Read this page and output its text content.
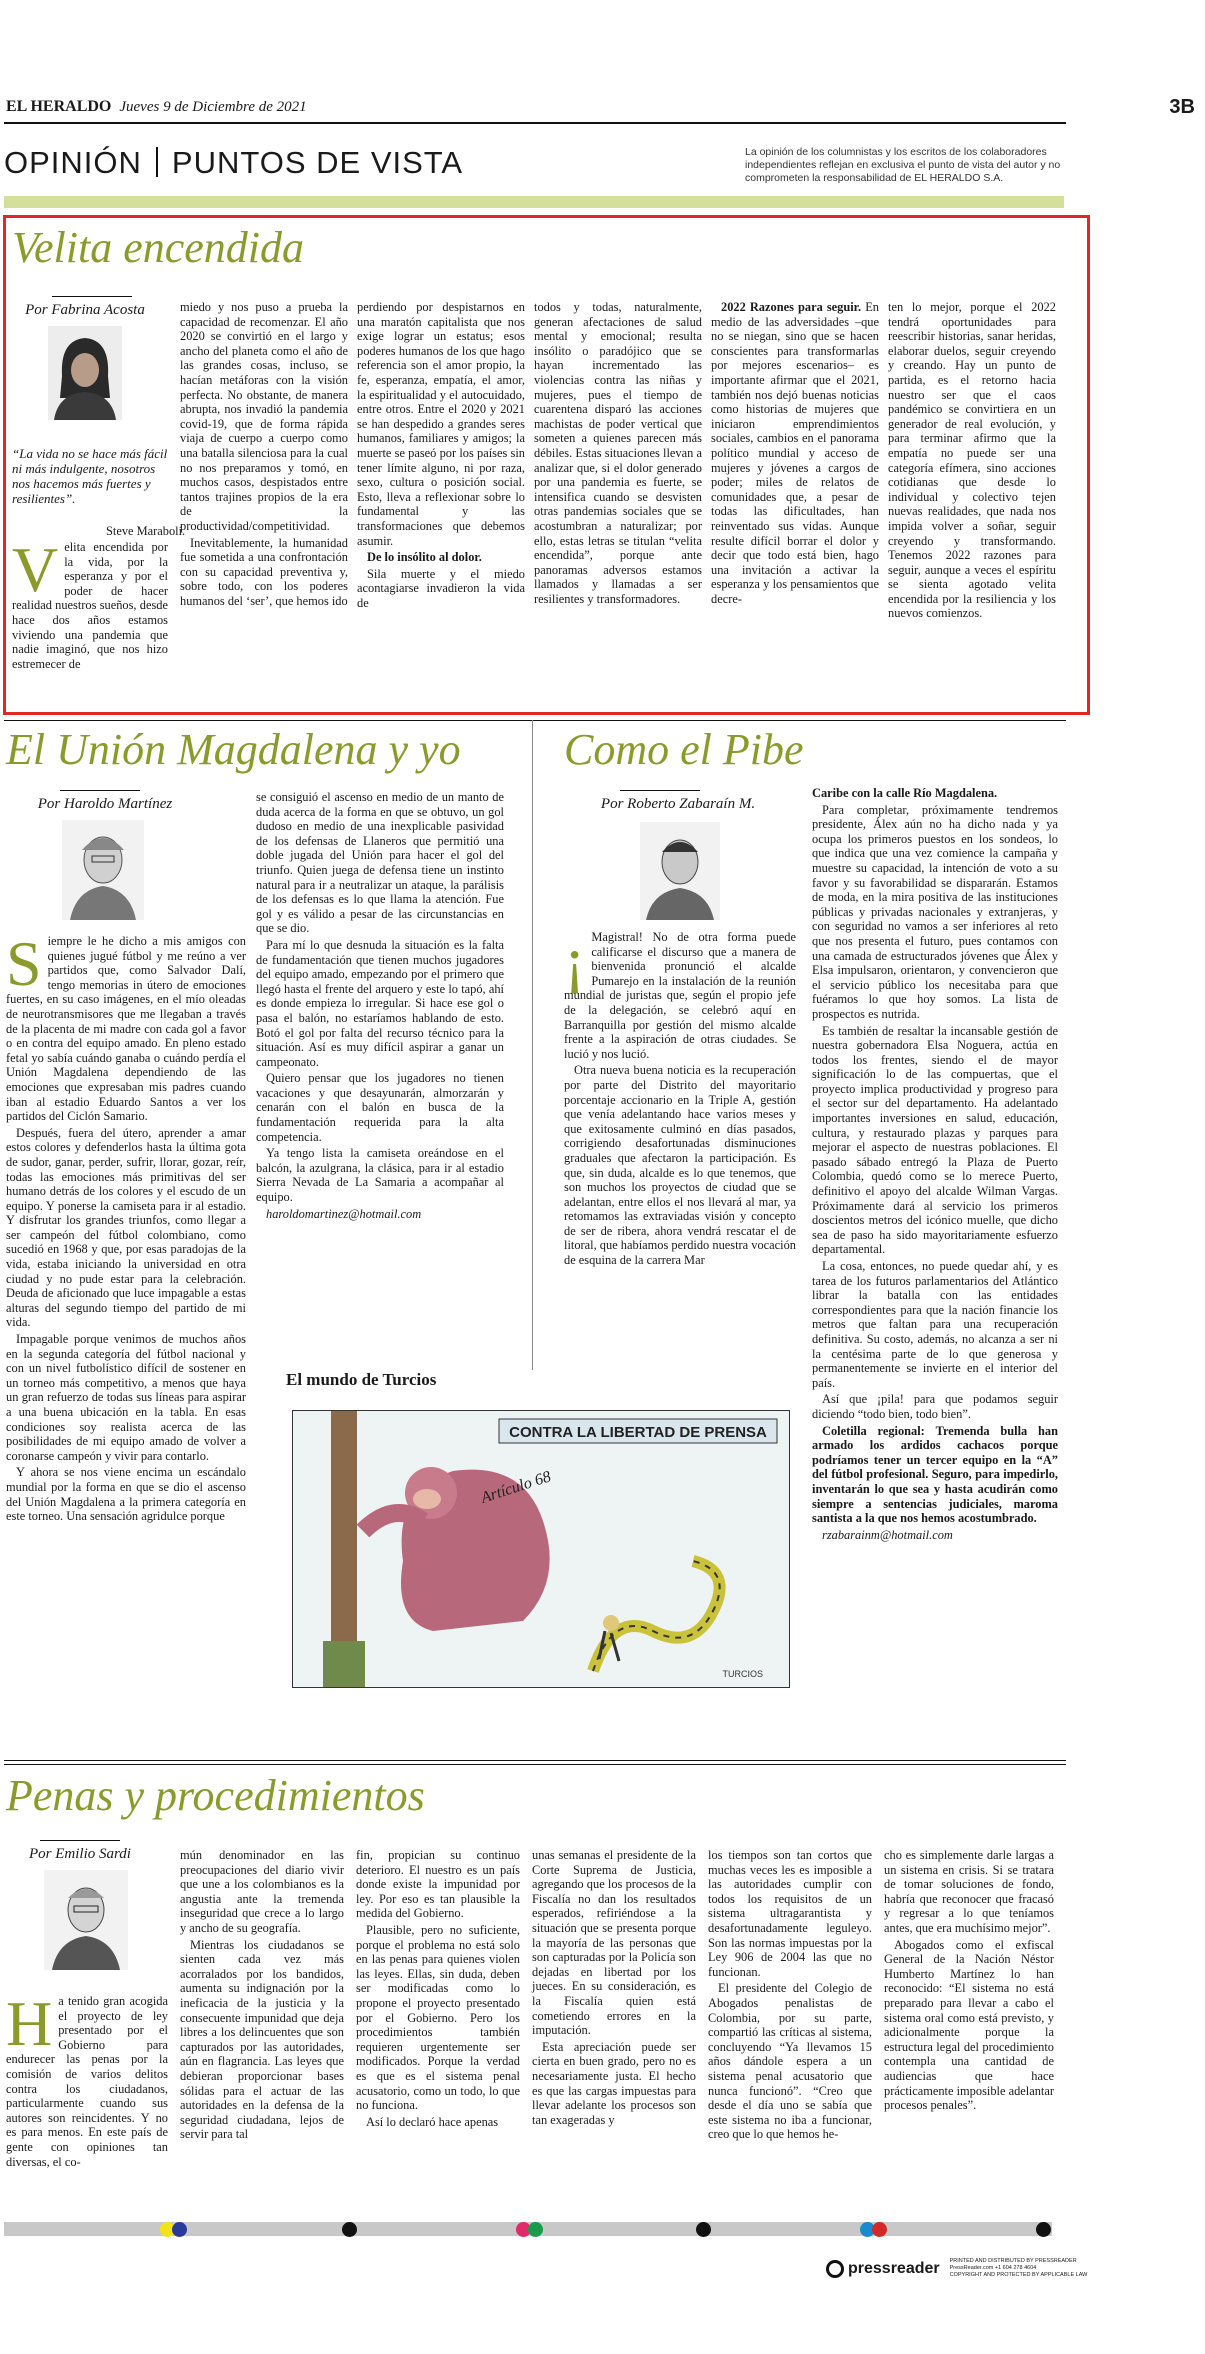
EL HERALDO Jueves 9 de Diciembre de 2021	3B
OPINIÓN PUNTOS DE VISTA	La opinión de los columnistas y los escritos de los colaboradores independientes reflejan en exclusiva el punto de vista del autor y no comprometen la responsabilidad de EL HERALDO S.A.
Velita encendida
Por Fabrina Acosta
“La vida no se hace más fácil ni más indulgente, nosotros nos hacemos más fuertes y resilientes”.
Steve Maraboli.
Velita encendida por la vida, por la esperanza y por el poder de hacer realidad nuestros sueños, desde hace dos años estamos viviendo una pandemia que nadie imaginó, que nos hizo estremecer de

miedo y nos puso a prueba la capacidad de recomenzar. El año 2020 se convirtió en el largo y ancho del planeta como el año de las grandes cosas, incluso, se hacían metáforas con la visión perfecta. No obstante, de manera abrupta, nos invadió la pandemia covid-19, que de forma rápida viaja de cuerpo a cuerpo como una batalla silenciosa para la cual no nos preparamos y tomó, en muchos casos, despistados entre tantos trajines propios de la era de la productividad/competitividad.

Inevitablemente, la humanidad fue sometida a una confrontación con su capacidad preventiva y, sobre todo, con los poderes humanos del ‘ser’, que hemos ido

perdiendo por despistarnos en una maratón capitalista que nos exige lograr un estatus; esos poderes humanos de los que hago referencia son el amor propio, la fe, esperanza, empatía, el amor, la espiritualidad y el autocuidado, entre otros. Entre el 2020 y 2021 se han despedido a grandes seres humanos, familiares y amigos; la muerte se paseó por los países sin tener límite alguno, ni por raza, sexo, cultura o posición social. Esto, lleva a reflexionar sobre lo fundamental y las transformaciones que debemos asumir.

De lo insólito al dolor.

Sila muerte y el miedo acontagiarse invadieron la vida de

todos y todas, naturalmente, generan afectaciones de salud mental y emocional; resulta insólito o paradójico que se hayan incrementado las violencias contra las niñas y mujeres, pues el tiempo de cuarentena disparó las acciones machistas de poder vertical que someten a quienes parecen más débiles. Estas situaciones llevan a analizar que, si el dolor generado por una pandemia es fuerte, se intensifica cuando se desvisten otras pandemias sociales que se acostumbran a naturalizar; por ello, estas letras se titulan “velita encendida”, porque ante panoramas adversos estamos llamados y llamadas a ser resilientes y transformadores.

2022 Razones para seguir. En medio de las adversidades –que no se niegan, sino que se hacen conscientes para transformarlas por mejores escenarios– es importante afirmar que el 2021, también nos dejó buenas noticias como historias de mujeres que iniciaron emprendimientos sociales, cambios en el panorama político mundial y acceso de mujeres y jóvenes a cargos de poder; miles de relatos de comunidades que, a pesar de todas las dificultades, han reinventado sus vidas. Aunque resulte difícil borrar el dolor y decir que todo está bien, hago una invitación a activar la esperanza y los pensamientos que decre-

ten lo mejor, porque el 2022 tendrá oportunidades para reescribir historias, sanar heridas, elaborar duelos, seguir creyendo y creando. Hay un punto de partida, es el retorno hacia nuestro ser que el caos pandémico se convirtiera en un generador de real evolución, y para terminar afirmo que la empatía no puede ser una categoría efímera, sino acciones cotidianas que desde lo individual y colectivo tejen nuevas realidades, que nada nos impida volver a soñar, seguir creyendo y transformando. Tenemos 2022 razones para seguir, aunque a veces el espíritu se sienta agotado velita encendida por la resiliencia y los nuevos comienzos.

El Unión Magdalena y yo
Por Haroldo Martínez

Siempre le he dicho a mis amigos con quienes jugué fútbol y me reúno a ver partidos que, como Salvador Dalí, tengo memorias in útero de emociones fuertes, en su caso imágenes, en el mío oleadas de neurotransmisores que me llegaban a través de la placenta de mi madre con cada gol a favor o en contra del equipo amado. En pleno estado fetal yo sabía cuándo ganaba o cuándo perdía el Unión Magdalena dependiendo de las emociones que expresaban mis padres cuando iban al estadio Eduardo Santos a ver los partidos del Ciclón Samario.

Después, fuera del útero, aprender a amar estos colores y defenderlos hasta la última gota de sudor, ganar, perder, sufrir, llorar, gozar, reír, todas las emociones más primitivas del ser humano detrás de los colores y el escudo de un equipo. Y ponerse la camiseta para ir al estadio. Y disfrutar los grandes triunfos, como llegar a ser campeón del fútbol colombiano, como sucedió en 1968 y que, por esas paradojas de la vida, estaba iniciando la universidad en otra ciudad y no pude estar para la celebración. Deuda de aficionado que luce impagable a estas alturas del segundo tiempo del partido de mi vida.

Impagable porque venimos de muchos años en la segunda categoría del fútbol nacional y con un nivel futbolístico difícil de sostener en un torneo más competitivo, a menos que haya un gran refuerzo de todas sus líneas para aspirar a una buena ubicación en la tabla. En esas condiciones soy realista acerca de las posibilidades de mi equipo amado de volver a coronarse campeón y vivir para contarlo.

Y ahora se nos viene encima un escándalo mundial por la forma en que se dio el ascenso del Unión Magdalena a la primera categoría en este torneo. Una sensación agridulce porque

se consiguió el ascenso en medio de un manto de duda acerca de la forma en que se obtuvo, un gol dudoso en medio de una inexplicable pasividad de los defensas de Llaneros que permitió una doble jugada del Unión para hacer el gol del triunfo. Quien juega de defensa tiene un instinto natural para ir a neutralizar un ataque, la parálisis de los defensas es lo que llama la atención. Fue gol y es válido a pesar de las circunstancias en que se dio.

Para mí lo que desnuda la situación es la falta de fundamentación que tienen muchos jugadores del equipo amado, empezando por el primero que llegó hasta el frente del arquero y este lo tapó, ahí es donde empieza lo irregular. Si hace ese gol o pasa el balón, no estaríamos hablando de esto. Botó el gol por falta del recurso técnico para la situación. Así es muy difícil aspirar a ganar un campeonato.

Quiero pensar que los jugadores no tienen vacaciones y que desayunarán, almorzarán y cenarán con el balón en busca de la fundamentación requerida para la alta competencia.

Ya tengo lista la camiseta oreándose en el balcón, la azulgrana, la clásica, para ir al estadio Sierra Nevada de La Samaria a acompañar al equipo.

haroldomartinez@hotmail.com

El mundo de Turcios
CONTRA LA LIBERTAD DE PRENSA
Artículo 68
TURCIOS
Como el Pibe
Por Roberto Zabaraín M.

¡ Magistral! No de otra forma puede calificarse el discurso que a manera de bienvenida pronunció el alcalde Pumarejo en la instalación de la reunión mundial de juristas que, según el propio jefe de la delegación, se celebró aquí en Barranquilla por gestión del mismo alcalde frente a la aspiración de otras ciudades. Se lució y nos lució.

Otra nueva buena noticia es la recuperación por parte del Distrito del mayoritario porcentaje accionario en la Triple A, gestión que venía adelantando hace varios meses y que exitosamente culminó en días pasados, corrigiendo desafortunadas disminuciones graduales que afectaron la participación. Es que, sin duda, alcalde es lo que tenemos, que son muchos los proyectos de ciudad que se adelantan, entre ellos el nos llevará al mar, ya retomamos las extraviadas visión y concepto de ser de ribera, ahora vendrá rescatar el de litoral, que habíamos perdido nuestra vocación de esquina de la carrera Mar

Caribe con la calle Río Magdalena.

Para completar, próximamente tendremos presidente, Álex aún no ha dicho nada y ya ocupa los primeros puestos en los sondeos, lo que indica que una vez comience la campaña y muestre su capacidad, la intención de voto a su favor y su favorabilidad se dispararán. Estamos de moda, en la mira positiva de las instituciones públicas y privadas nacionales y extranjeras, y con seguridad no vamos a ser inferiores al reto que nos presenta el futuro, pues contamos con una camada de estructurados jóvenes que Álex y Elsa impulsaron, orientaron, y convencieron que el servicio público los necesitaba para que fuéramos lo que hoy somos. La lista de prospectos es nutrida.

Es también de resaltar la incansable gestión de nuestra gobernadora Elsa Noguera, actúa en todos los frentes, siendo el de mayor significación lo de las compuertas, que el proyecto implica productividad y progreso para el sector sur del departamento. Ha adelantado importantes inversiones en salud, educación, cultura, y restaurado plazas y parques para mejorar el aspecto de nuestras poblaciones. El pasado sábado entregó la Plaza de Puerto Colombia, quedó como se lo merece Puerto, definitivo el apoyo del alcalde Wilman Vargas. Próximamente dará al servicio los primeros doscientos metros del icónico muelle, que dicho sea de paso ha sido mayoritariamente esfuerzo departamental.

La cosa, entonces, no puede quedar ahí, y es tarea de los futuros parlamentarios del Atlántico librar la batalla con las entidades correspondientes para que la nación financie los metros que faltan para una recuperación definitiva. Su costo, además, no alcanza a ser ni la centésima parte de lo que generosa y permanentemente se invierte en el interior del país.

Así que ¡pila! para que podamos seguir diciendo “todo bien, todo bien”.

Coletilla regional: Tremenda bulla han armado los ardidos cachacos porque podríamos tener un tercer equipo en la “A” del fútbol profesional. Seguro, para impedirlo, inventarán lo que sea y hasta acudirán como siempre a sentencias judiciales, maroma santista a la que nos hemos acostumbrado.

rzabarainm@hotmail.com

Penas y procedimientos
Por Emilio Sardi

Ha tenido gran acogida el proyecto de ley presentado por el Gobierno para endurecer las penas por la comisión de varios delitos contra los ciudadanos, particularmente cuando sus autores son reincidentes. Y no es para menos. En este país de gente con opiniones tan diversas, el co-

mún denominador en las preocupaciones del diario vivir que une a los colombianos es la angustia ante la tremenda inseguridad que crece a lo largo y ancho de su geografía.

Mientras los ciudadanos se sienten cada vez más acorralados por los bandidos, aumenta su indignación por la ineficacia de la justicia y la consecuente impunidad que deja libres a los delincuentes que son capturados por las autoridades, aún en flagrancia. Las leyes que debieran proporcionar bases sólidas para el actuar de las autoridades en la defensa de la seguridad ciudadana, lejos de servir para tal

fin, propician su continuo deterioro. El nuestro es un país donde existe la impunidad por ley. Por eso es tan plausible la medida del Gobierno.

Plausible, pero no suficiente, porque el problema no está solo en las penas para quienes violen las leyes. Ellas, sin duda, deben ser modificadas como lo propone el proyecto presentado por el Gobierno. Pero los procedimientos también requieren urgentemente ser modificados. Porque la verdad es que es el sistema penal acusatorio, como un todo, lo que no funciona.

Así lo declaró hace apenas

unas semanas el presidente de la Corte Suprema de Justicia, agregando que los procesos de la Fiscalía no dan los resultados esperados, refiriéndose a la situación que se presenta porque la mayoría de las personas que son capturadas por la Policía son dejadas en libertad por los jueces. En su consideración, es la Fiscalía quien está cometiendo errores en la imputación.

Esta apreciación puede ser cierta en buen grado, pero no es necesariamente justa. El hecho es que las cargas impuestas para llevar adelante los procesos son tan exageradas y

los tiempos son tan cortos que muchas veces les es imposible a las autoridades cumplir con todos los requisitos de un sistema ultragarantista y desafortunadamente leguleyo. Son las normas impuestas por la Ley 906 de 2004 las que no funcionan.

El presidente del Colegio de Abogados penalistas de Colombia, por su parte, compartió las críticas al sistema, concluyendo “Ya llevamos 15 años dándole espera a un sistema penal acusatorio que nunca funcionó”. “Creo que desde el día uno se sabía que este sistema no iba a funcionar, creo que lo que hemos he-

cho es simplemente darle largas a un sistema en crisis. Si se tratara de tomar soluciones de fondo, habría que reconocer que fracasó y regresar a lo que teníamos antes, que era muchísimo mejor”.

Abogados como el exfiscal General de la Nación Néstor Humberto Martínez lo han reconocido: “El sistema no está preparado para llevar a cabo el sistema oral como está previsto, y adicionalmente porque la estructura legal del procedimiento contempla una cantidad de audiencias que hace prácticamente imposible adelantar procesos penales”.

pressreader PRINTED AND DISTRIBUTED BY PRESSREADER
PressReader.com +1 604 278 4604
COPYRIGHT AND PROTECTED BY APPLICABLE LAW
